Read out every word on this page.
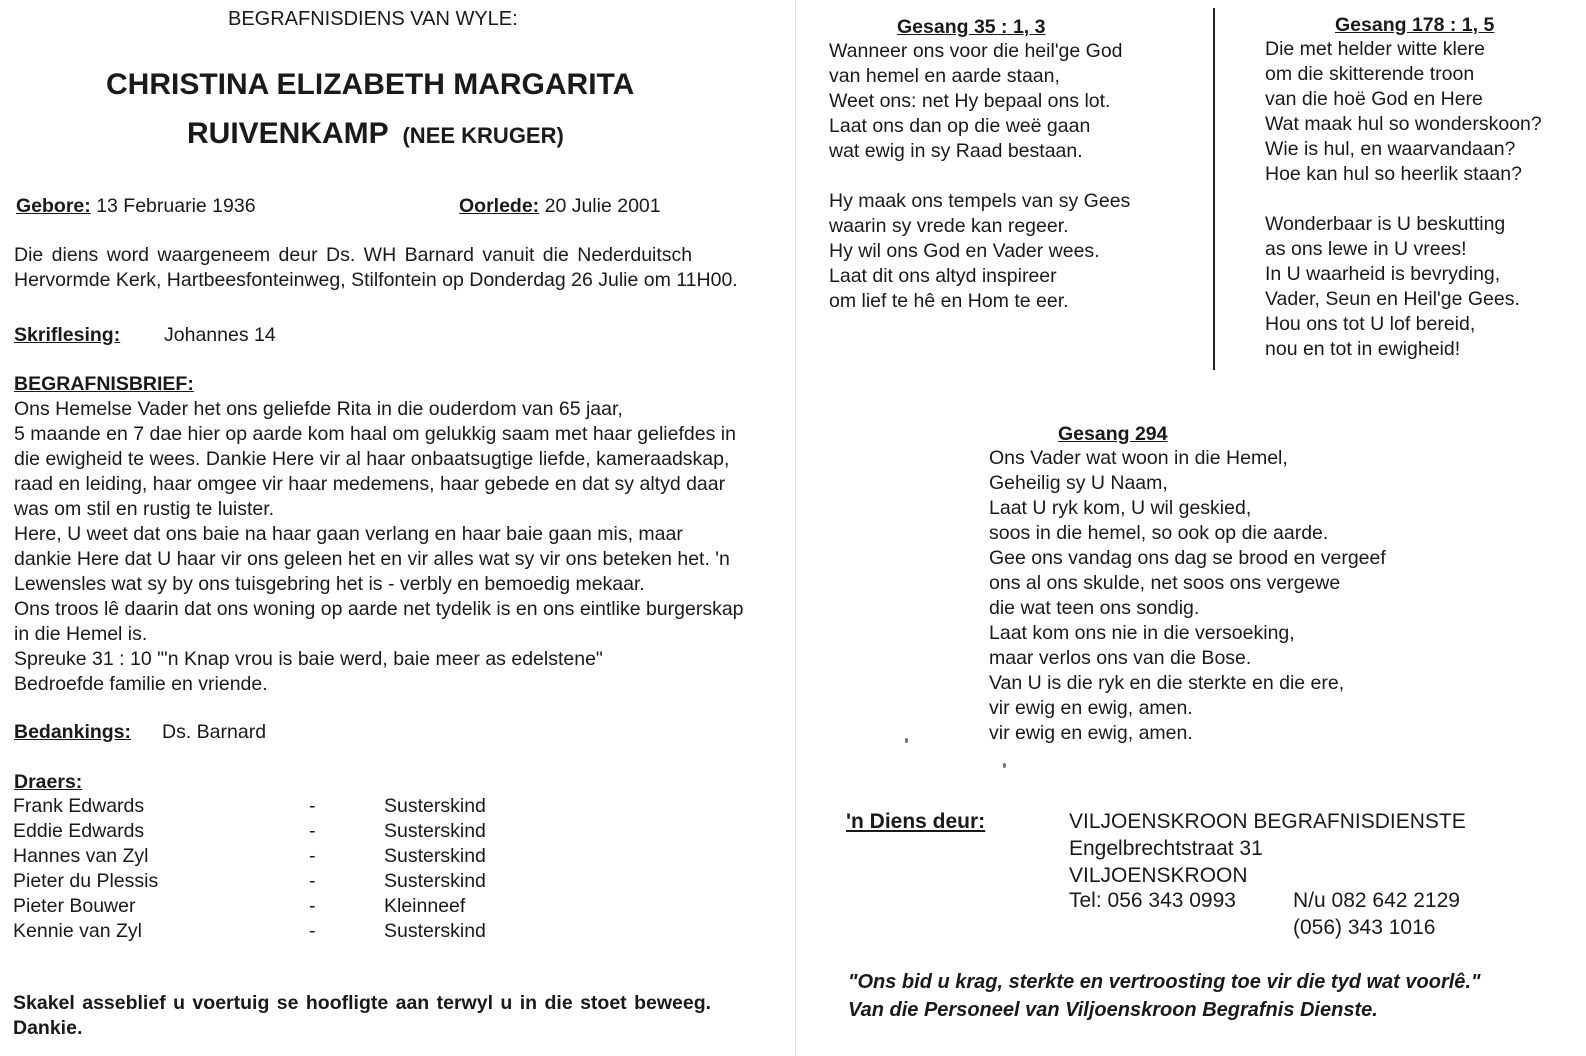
BEGRAFNISDIENS VAN WYLE:
CHRISTINA ELIZABETH MARGARITA
RUIVENKAMP (NEE KRUGER)
Gebore: 13 Februarie 1936	Oorlede: 20 Julie 2001
Die diens word waargeneem deur Ds. WH Barnard vanuit die Nederduitsch
Hervormde Kerk, Hartbeesfonteinweg, Stilfontein op Donderdag 26 Julie om 11H00.
Skriflesing: Johannes 14
BEGRAFNISBRIEF:
Ons Hemelse Vader het ons geliefde Rita in die ouderdom van 65 jaar,
5 maande en 7 dae hier op aarde kom haal om gelukkig saam met haar geliefdes in
die ewigheid te wees. Dankie Here vir al haar onbaatsugtige liefde, kameraadskap,
raad en leiding, haar omgee vir haar medemens, haar gebede en dat sy altyd daar
was om stil en rustig te luister.
Here, U weet dat ons baie na haar gaan verlang en haar baie gaan mis, maar
dankie Here dat U haar vir ons geleen het en vir alles wat sy vir ons beteken het. 'n
Lewensles wat sy by ons tuisgebring het is - verbly en bemoedig mekaar.
Ons troos lê daarin dat ons woning op aarde net tydelik is en ons eintlike burgerskap
in die Hemel is.
Spreuke 31 : 10 "'n Knap vrou is baie werd, baie meer as edelstene"
Bedroefde familie en vriende.
Bedankings: Ds. Barnard
Draers:
Frank Edwards	-	Susterskind
Eddie Edwards	-	Susterskind
Hannes van Zyl	-	Susterskind
Pieter du Plessis	-	Susterskind
Pieter Bouwer	-	Kleinneef
Kennie van Zyl	-	Susterskind
Skakel asseblief u voertuig se hoofligte aan terwyl u in die stoet beweeg.
Dankie.
Gesang 35 : 1, 3
Wanneer ons voor die heil'ge God
van hemel en aarde staan,
Weet ons: net Hy bepaal ons lot.
Laat ons dan op die weë gaan
wat ewig in sy Raad bestaan.
Hy maak ons tempels van sy Gees
waarin sy vrede kan regeer.
Hy wil ons God en Vader wees.
Laat dit ons altyd inspireer
om lief te hê en Hom te eer.
Gesang 178 : 1, 5
Die met helder witte klere
om die skitterende troon
van die hoë God en Here
Wat maak hul so wonderskoon?
Wie is hul, en waarvandaan?
Hoe kan hul so heerlik staan?
Wonderbaar is U beskutting
as ons lewe in U vrees!
In U waarheid is bevryding,
Vader, Seun en Heil'ge Gees.
Hou ons tot U lof bereid,
nou en tot in ewigheid!
Gesang 294
Ons Vader wat woon in die Hemel,
Geheilig sy U Naam,
Laat U ryk kom, U wil geskied,
soos in die hemel, so ook op die aarde.
Gee ons vandag ons dag se brood en vergeef
ons al ons skulde, net soos ons vergewe
die wat teen ons sondig.
Laat kom ons nie in die versoeking,
maar verlos ons van die Bose.
Van U is die ryk en die sterkte en die ere,
vir ewig en ewig, amen.
vir ewig en ewig, amen.
'n Diens deur:	VILJOENSKROON BEGRAFNISDIENSTE
Engelbrechtstraat 31
VILJOENSKROON
Tel: 056 343 0993	N/u 082 642 2129
(056) 343 1016
"Ons bid u krag, sterkte en vertroosting toe vir die tyd wat voorlê."
Van die Personeel van Viljoenskroon Begrafnis Dienste.
